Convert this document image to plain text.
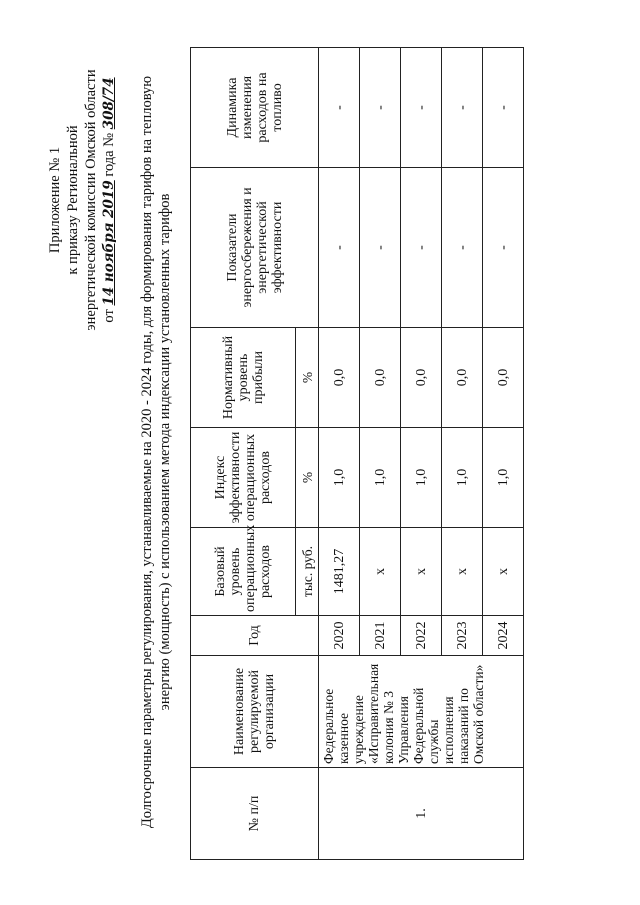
Приложение № 1 к приказу Региональной энергетической комиссии Омской области от 14 ноября 2019 года № 308/74 Долгосрочные параметры регулирования, устанавливаемые на 2020 - 2024 годы, для формирования тарифов на тепловую энергию (мощность) с использованием метода индексации установленных тарифов
№ п/п	Наименование регулируемой организации	Год	Базовый уровень операционных расходов	Индекс эффективности операционных расходов	Нормативный уровень прибыли	Показатели энергосбережения и энергетической эффективности	Динамика изменения расходов на топливо
			тыс. руб.	%	%		
1.	Федеральное казенное учреждение «Исправительная колония № 3 Управления Федеральной службы исполнения наказаний по Омской области»	2020	1481,27	1,0	0,0	-	-
		2021	x	1,0	0,0	-	-
		2022	x	1,0	0,0	-	-
		2023	x	1,0	0,0	-	-
		2024	x	1,0	0,0	-	-
